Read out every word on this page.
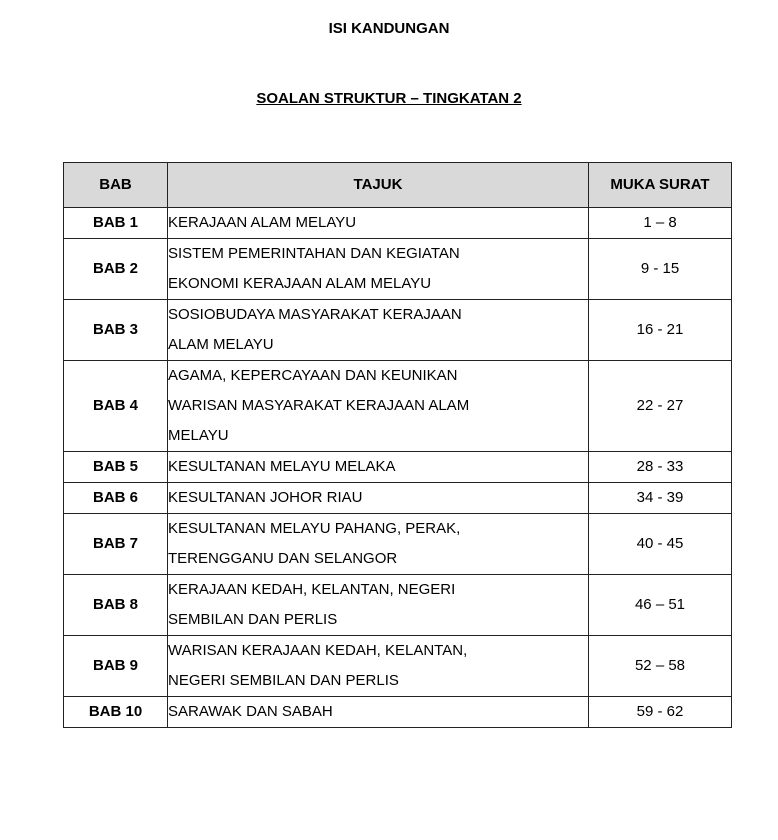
ISI KANDUNGAN
SOALAN STRUKTUR – TINGKATAN 2
BAB	TAJUK	MUKA SURAT
BAB 1	KERAJAAN ALAM MELAYU	1 – 8
BAB 2	SISTEM PEMERINTAHAN DAN KEGIATAN
EKONOMI KERAJAAN ALAM MELAYU	9 - 15
BAB 3	SOSIOBUDAYA MASYARAKAT KERAJAAN
ALAM MELAYU	16 - 21
BAB 4	AGAMA, KEPERCAYAAN DAN KEUNIKAN
WARISAN MASYARAKAT KERAJAAN ALAM
MELAYU	22 - 27
BAB 5	KESULTANAN MELAYU MELAKA	28 - 33
BAB 6	KESULTANAN JOHOR RIAU	34 - 39
BAB 7	KESULTANAN MELAYU PAHANG, PERAK,
TERENGGANU DAN SELANGOR	40 - 45
BAB 8	KERAJAAN KEDAH, KELANTAN, NEGERI
SEMBILAN DAN PERLIS	46 – 51
BAB 9	WARISAN KERAJAAN KEDAH, KELANTAN,
NEGERI SEMBILAN DAN PERLIS	52 – 58
BAB 10	SARAWAK DAN SABAH	59 - 62
